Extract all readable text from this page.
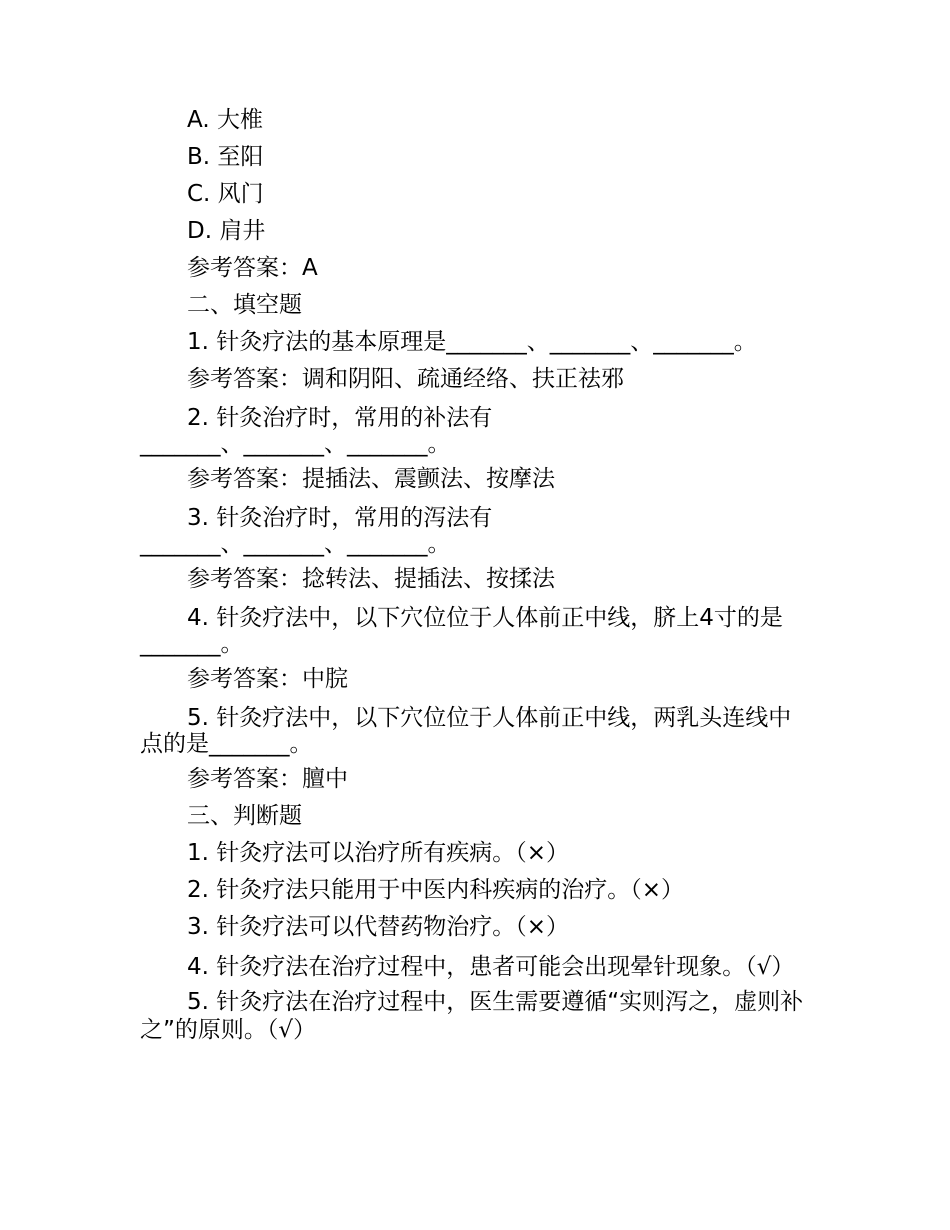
A. 大椎
B. 至阳
C. 风门
D. 肩井
参考答案：A
二、填空题
1. 针灸疗法的基本原理是_______、_______、_______。
参考答案：调和阴阳、疏通经络、扶正祛邪
2. 针灸治疗时，常用的补法有_______、_______、_______。
参考答案：提插法、震颤法、按摩法
3. 针灸治疗时，常用的泻法有_______、_______、_______。
参考答案：捻转法、提插法、按揉法
4. 针灸疗法中，以下穴位位于人体前正中线，脐上4寸的是_______。
参考答案：中脘
5. 针灸疗法中，以下穴位位于人体前正中线，两乳头连线中点的是_______。
参考答案：膻中
三、判断题
1. 针灸疗法可以治疗所有疾病。（×）
2. 针灸疗法只能用于中医内科疾病的治疗。（×）
3. 针灸疗法可以代替药物治疗。（×）
4. 针灸疗法在治疗过程中，患者可能会出现晕针现象。（√）
5. 针灸疗法在治疗过程中，医生需要遵循“实则泻之，虚则补之”的原则。（√）
